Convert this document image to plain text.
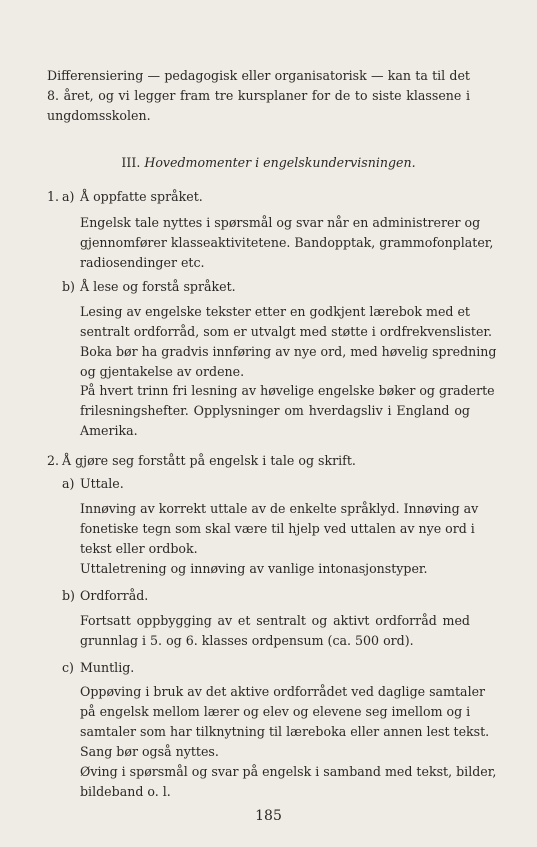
Differensiering — pedagogisk eller organisatorisk — kan ta til det
8. året, og vi legger fram tre kursplaner for de to siste klassene i
ungdomsskolen.
III. Hovedmomenter i engelskundervisningen.
1. a) Å oppfatte språket.
Engelsk tale nyttes i spørsmål og svar når en administrerer og
gjennomfører klasseaktivitetene. Bandopptak, grammofonplater,
radiosendinger etc.
b) Å lese og forstå språket.
Lesing av engelske tekster etter en godkjent lærebok med et
sentralt ordforråd, som er utvalgt med støtte i ordfrekvenslister.
Boka bør ha gradvis innføring av nye ord, med høvelig spredning
og gjentakelse av ordene.
På hvert trinn fri lesning av høvelige engelske bøker og graderte
frilesningshefter. Opplysninger om hverdagsliv i England og
Amerika.
2. Å gjøre seg forstått på engelsk i tale og skrift.
a) Uttale.
Innøving av korrekt uttale av de enkelte språklyd. Innøving av
fonetiske tegn som skal være til hjelp ved uttalen av nye ord i
tekst eller ordbok.
Uttaletrening og innøving av vanlige intonasjonstyper.
b) Ordforråd.
Fortsatt oppbygging av et sentralt og aktivt ordforråd med
grunnlag i 5. og 6. klasses ordpensum (ca. 500 ord).
c) Muntlig.
Oppøving i bruk av det aktive ordforrådet ved daglige samtaler
på engelsk mellom lærer og elev og elevene seg imellom og i
samtaler som har tilknytning til læreboka eller annen lest tekst.
Sang bør også nyttes.
Øving i spørsmål og svar på engelsk i samband med tekst, bilder,
bildeband o. l.
185
